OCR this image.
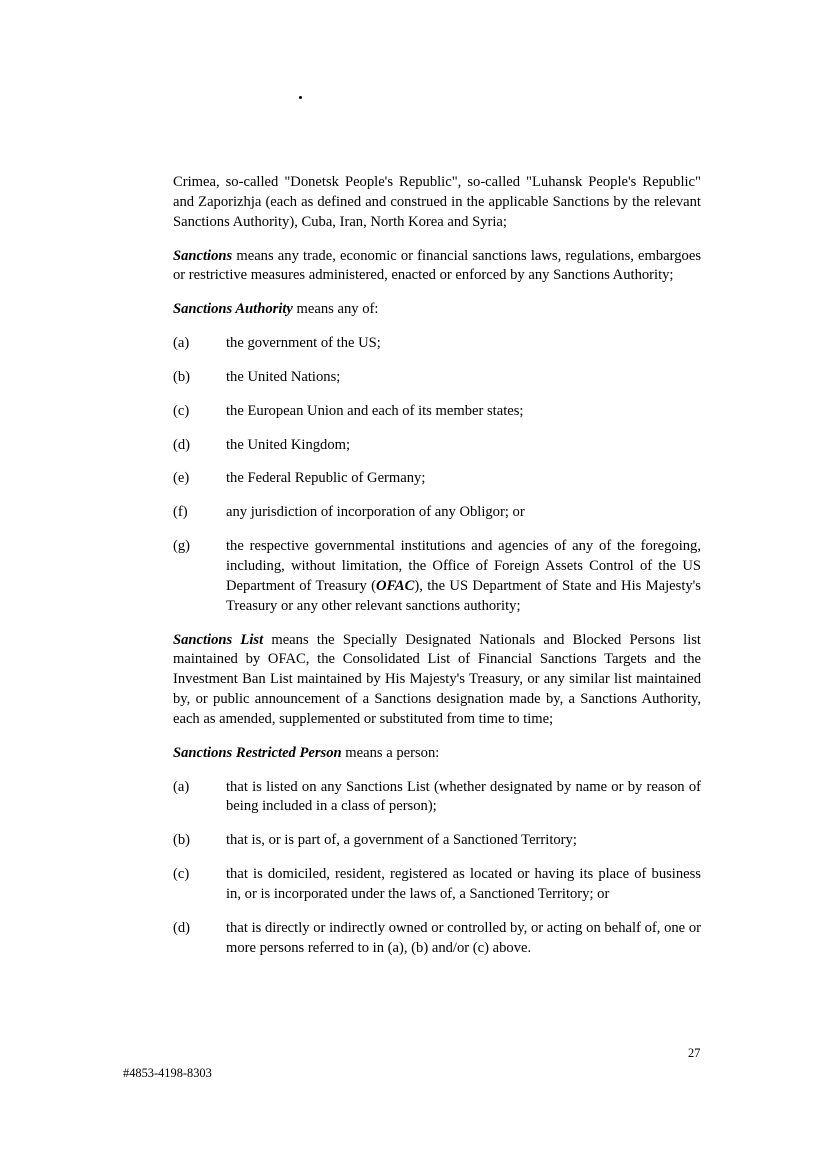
Crimea, so-called "Donetsk People's Republic", so-called "Luhansk People's Republic" and Zaporizhja (each as defined and construed in the applicable Sanctions by the relevant Sanctions Authority), Cuba, Iran, North Korea and Syria;

Sanctions means any trade, economic or financial sanctions laws, regulations, embargoes or restrictive measures administered, enacted or enforced by any Sanctions Authority;

Sanctions Authority means any of:

(a)	the government of the US;
(b)	the United Nations;
(c)	the European Union and each of its member states;
(d)	the United Kingdom;
(e)	the Federal Republic of Germany;
(f)	any jurisdiction of incorporation of any Obligor; or
(g)	the respective governmental institutions and agencies of any of the foregoing, including, without limitation, the Office of Foreign Assets Control of the US Department of Treasury (OFAC), the US Department of State and His Majesty's Treasury or any other relevant sanctions authority;

Sanctions List means the Specially Designated Nationals and Blocked Persons list maintained by OFAC, the Consolidated List of Financial Sanctions Targets and the Investment Ban List maintained by His Majesty's Treasury, or any similar list maintained by, or public announcement of a Sanctions designation made by, a Sanctions Authority, each as amended, supplemented or substituted from time to time;

Sanctions Restricted Person means a person:

(a)	that is listed on any Sanctions List (whether designated by name or by reason of being included in a class of person);
(b)	that is, or is part of, a government of a Sanctioned Territory;
(c)	that is domiciled, resident, registered as located or having its place of business in, or is incorporated under the laws of, a Sanctioned Territory; or
(d)	that is directly or indirectly owned or controlled by, or acting on behalf of, one or more persons referred to in (a), (b) and/or (c) above.
27
#4853-4198-8303
